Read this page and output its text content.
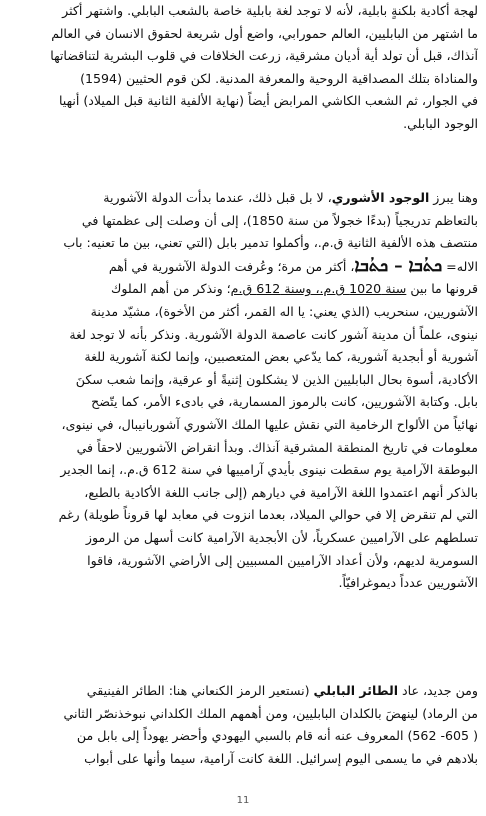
لهجة أكادية بلكنةٍ بابلية، لأنه لا توجد لغة بابلية خاصة بالشعب البابلي. واشتهر أكثر
ما اشتهر من البابليين، العالم حمورابي، واضع أول شريعة لحقوق الانسان في العالم
آنذاك، قبل أن تولد أية أديان مشرقية، زرعت الخلافات في قلوب البشرية لتناقضاتها
والمناداة بتلك المصداقية الروحية والمعرفة المدنية. لكن قوم الحثيين (1594)
في الجوار، ثم الشعب الكاشي المرابض أيضاً (نهاية الألفية الثانية قبل الميلاد) أنهيا
الوجود البابلي.
وهنا يبرز الوجود الأشوري، لا بل قبل ذلك، عندما بدأت الدولة الآشورية
بالتعاظم تدريجياً (بدءًا خجولاً من سنة 1850)، إلى أن وصلت إلى عظمتها في
منتصف هذه الألفية الثانية ق.م.، وأكملوا تدمير بابل (التي تعني، بين ما تعنيه: باب
الاله= ܟܬܳܒܐ – ܟܬܳܒܐ، أكثر من مرة؛ وعُرفت الدولة الآشورية في أهم
قرونها ما بين سنة 1020 ق.م.، وسنة 612 ق.م؛ ونذكر من أهم الملوك
الآشوريين، سنحريب (الذي يعني: يا اله القمر، أكثر من الأخوة)، مشيّد مدينة
نينوى، علماً أن مدينة آشور كانت عاصمة الدولة الآشورية. ونذكر بأنه لا توجد لغة
آشورية أو أبجدية آشورية، كما يدّعي بعض المتعصبين، وإنما لكنة آشورية للغة
الأكادية، أسوة بحال البابليين الذين لا يشكلون إثنيةً أو عرقية، وإنما شعب سكنَ
بابل. وكتابة الآشوريين، كانت بالرموز المسمارية، في بادىء الأمر، كما يتّضح
نهائياً من الألواح الرخامية التي نقش عليها الملك الآشوري آشوربانيبال، في نينوى،
معلومات في تاريخ المنطقة المشرقية آنذاك. وبدأ انقراض الآشوريين لاحقاً في
البوطقة الآرامية يوم سقطت نينوى بأيدي آرامييها في سنة 612 ق.م.، إنما الجدير
بالذكر أنهم اعتمدوا اللغة الآرامية في ديارهم (إلى جانب اللغة الأكادية بالطبع،
التي لم تنقرض إلا في حوالي الميلاد، بعدما انزوت في معابد لها قروناً طويلة) رغم
تسلطهم على الآراميين عسكرياً، لأن الأبجدية الآرامية كانت أسهل من الرموز
السومرية لديهم، ولأن أعداد الآراميين المسبيين إلى الأراضي الآشورية، فاقوا
الآشوريين عدداً ديموغرافيّاً.
ومن جديد، عاد الطائر البابلي (نستعير الرمز الكنعاني هنا: الطائر الفينيقي
من الرماد) لينهضَ بالكلدان البابليين، ومن أهمهم الملك الكلداني نبوخذنصّر الثاني
( 605- 562) المعروف عنه أنه قام بالسبي اليهودي وأحضر يهوداً إلى بابل من
بلادهم في ما يسمى اليوم إسرائيل. اللغة كانت آرامية، سيما وأنها على أبواب
11
